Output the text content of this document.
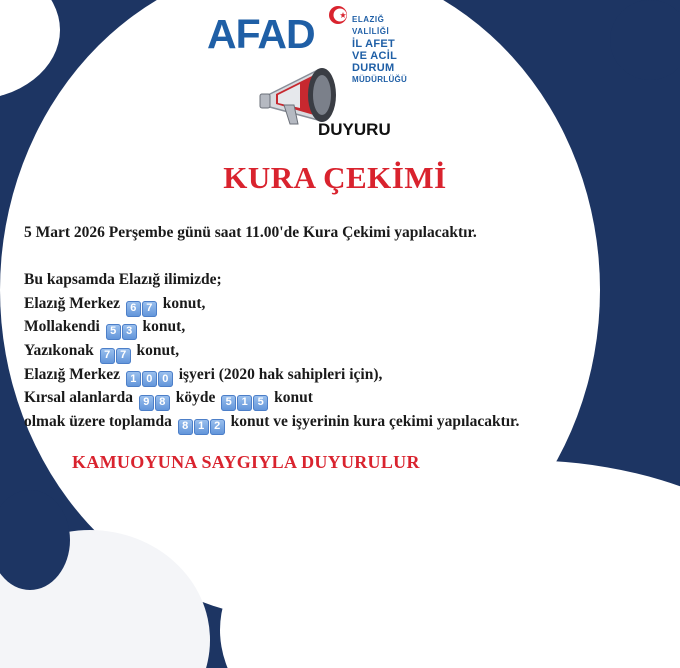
AFAD	ELAZIĞ VALİLİĞİ
İL AFET VE ACİL DURUM
MÜDÜRLÜĞÜ
DUYURU
KURA ÇEKİMİ
5 Mart 2026 Perşembe günü saat 11.00'de Kura Çekimi yapılacaktır.
Bu kapsamda Elazığ ilimizde;
Elazığ Merkez 6 7 konut,
Mollakendi 5 3 konut,
Yazıkonak 7 7 konut,
Elazığ Merkez 1 0 0 işyeri (2020 hak sahipleri için),
Kırsal alanlarda 9 8 köyde 5 1 5 konut
olmak üzere toplamda 8 1 2 konut ve işyerinin kura çekimi yapılacaktır.
KAMUOYUNA SAYGIYLA DUYURULUR
